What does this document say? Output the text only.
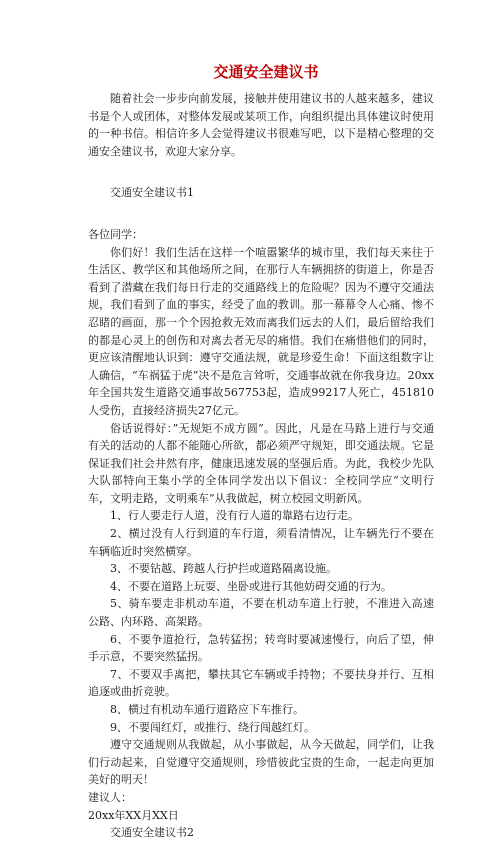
交通安全建议书

随着社会一步步向前发展，接触并使用建议书的人越来越多，建议书是个人或团体，对整体发展或某项工作，向组织提出具体建议时使用的一种书信。相信许多人会觉得建议书很难写吧，以下是精心整理的交通安全建议书，欢迎大家分享。

交通安全建议书1

各位同学：

你们好！我们生活在这样一个喧嚣繁华的城市里，我们每天来往于生活区、教学区和其他场所之间，在那行人车辆拥挤的街道上，你是否看到了潜藏在我们每日行走的交通路线上的危险呢？因为不遵守交通法规，我们看到了血的事实，经受了血的教训。那一幕幕令人心痛、惨不忍睹的画面，那一个个因抢救无效而离我们远去的人们，最后留给我们的都是心灵上的创伤和对离去者无尽的痛惜。我们在痛惜他们的同时，更应该清醒地认识到：遵守交通法规，就是珍爱生命！下面这组数字让人确信，“车祸猛于虎”决不是危言耸听，交通事故就在你我身边。20xx年全国共发生道路交通事故567753起，造成99217人死亡，451810人受伤，直接经济损失27亿元。

俗话说得好：”无规矩不成方圆”。因此，凡是在马路上进行与交通有关的活动的人都不能随心所欲，都必须严守规矩，即交通法规。它是保证我们社会井然有序，健康迅速发展的坚强后盾。为此，我校少先队大队部特向王集小学的全体同学发出以下倡议：全校同学应“文明行车，文明走路，文明乘车”从我做起，树立校园文明新风。

1、行人要走行人道，没有行人道的靠路右边行走。

2、横过没有人行到道的车行道，须看清情况，让车辆先行不要在车辆临近时突然横穿。

3、不要钻越、跨越人行护拦或道路隔离设施。

4、不要在道路上玩耍、坐卧或进行其他妨碍交通的行为。

5、骑车要走非机动车道，不要在机动车道上行驶，不准进入高速公路、内环路、高架路。

6、不要争道抢行，急转猛拐；转弯时要减速慢行，向后了望，伸手示意，不要突然猛拐。

7、不要双手离把，攀扶其它车辆或手持物；不要扶身并行、互相追逐或曲折竞驶。

8、横过有机动车通行道路应下车推行。

9、不要闯红灯，或推行、绕行闯越红灯。

遵守交通规则从我做起，从小事做起，从今天做起，同学们，让我们行动起来，自觉遵守交通规则，珍惜彼此宝贵的生命，一起走向更加美好的明天！

建议人：

20xx年XX月XX日

交通安全建议书2
